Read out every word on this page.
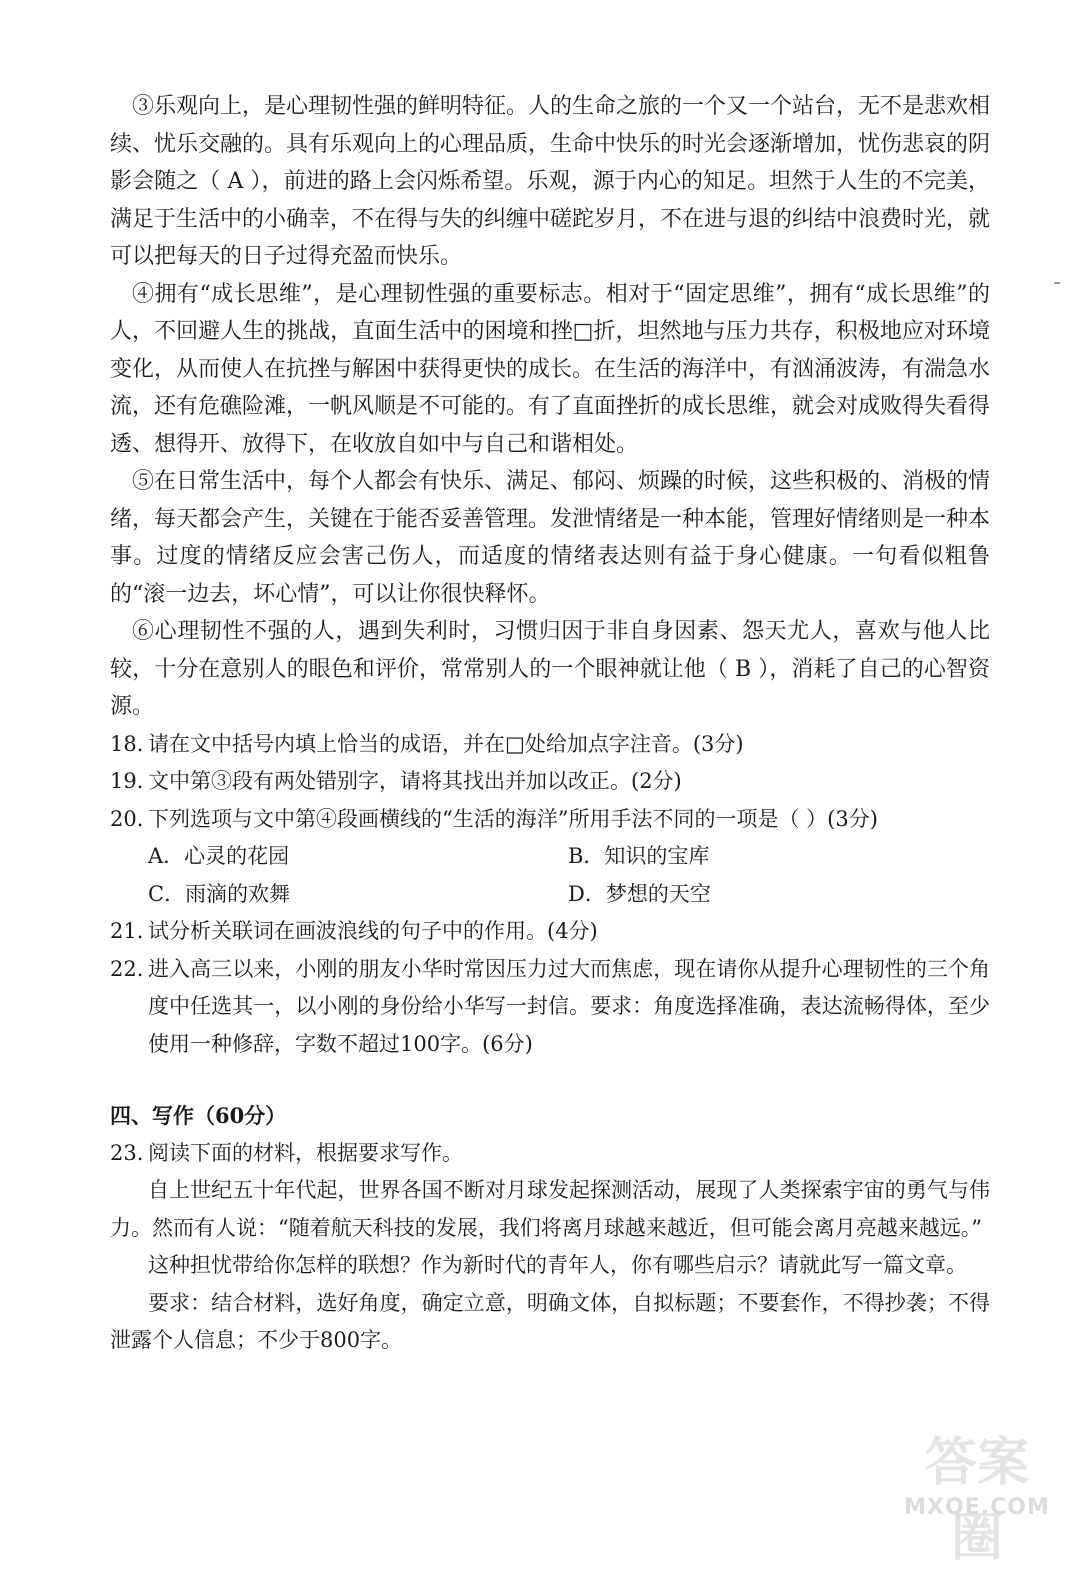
③乐观向上，是心理韧性强的鲜明特征。人的生命之旅的一个又一个站台，无不是悲欢相续、忧乐交融的。具有乐观向上的心理品质，生命中快乐的时光会逐渐增加，忧伤悲哀的阴影会随之（ A ），前进的路上会闪烁希望。乐观，源于内心的知足。坦然于人生的不完美，满足于生活中的小确幸，不在得与失的纠缠中磋跎岁月，不在进与退的纠结中浪费时光，就可以把每天的日子过得充盈而快乐。

④拥有“成长思维”，是心理韧性强的重要标志。相对于“固定思维”，拥有“成长思维”的人，不回避人生的挑战，直面生活中的困境和挫□折，坦然地与压力共存，积极地应对环境变化，从而使人在抗挫与解困中获得更快的成长。在生活的海洋中，有汹涌波涛，有湍急水流，还有危礁险滩，一帆风顺是不可能的。有了直面挫折的成长思维，就会对成败得失看得透、想得开、放得下，在收放自如中与自己和谐相处。

⑤在日常生活中，每个人都会有快乐、满足、郁闷、烦躁的时候，这些积极的、消极的情绪，每天都会产生，关键在于能否妥善管理。发泄情绪是一种本能，管理好情绪则是一种本事。过度的情绪反应会害己伤人，而适度的情绪表达则有益于身心健康。一句看似粗鲁的“滚一边去，坏心情”，可以让你很快释怀。

⑥心理韧性不强的人，遇到失利时，习惯归因于非自身因素、怨天尤人，喜欢与他人比较，十分在意别人的眼色和评价，常常别人的一个眼神就让他（ B ），消耗了自己的心智资源。

18. 请在文中括号内填上恰当的成语，并在□处给加点字注音。(3分)
19. 文中第③段有两处错别字，请将其找出并加以改正。(2分)
20. 下列选项与文中第④段画横线的“生活的海洋”所用手法不同的一项是（ ）(3分)
A．心灵的花园	B．知识的宝库
C．雨滴的欢舞	D．梦想的天空
21. 试分析关联词在画波浪线的句子中的作用。(4分)
22. 进入高三以来，小刚的朋友小华时常因压力过大而焦虑，现在请你从提升心理韧性的三个角度中任选其一，以小刚的身份给小华写一封信。要求：角度选择准确，表达流畅得体，至少使用一种修辞，字数不超过100字。(6分)
四、写作（60分）
23. 阅读下面的材料，根据要求写作。

自上世纪五十年代起，世界各国不断对月球发起探测活动，展现了人类探索宇宙的勇气与伟力。然而有人说：“随着航天科技的发展，我们将离月球越来越近，但可能会离月亮越来越远。”

这种担忧带给你怎样的联想？作为新时代的青年人，你有哪些启示？请就此写一篇文章。

要求：结合材料，选好角度，确定立意，明确文体，自拟标题；不要套作，不得抄袭；不得泄露个人信息；不少于800字。

答案圈
MXQE.COM
